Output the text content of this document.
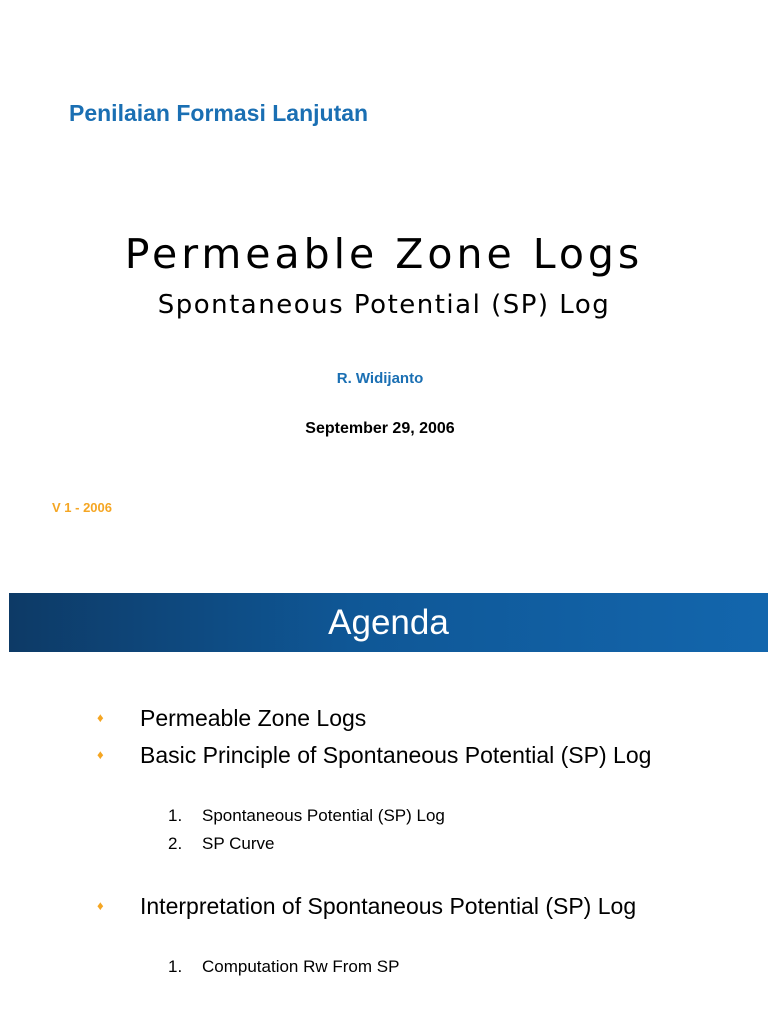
Penilaian Formasi Lanjutan
Permeable Zone Logs
Spontaneous Potential (SP) Log
R. Widijanto
September 29, 2006
V 1 - 2006
Agenda
♦ Permeable Zone Logs
♦ Basic Principle of Spontaneous Potential (SP) Log
1. Spontaneous Potential (SP) Log
2. SP Curve
♦ Interpretation of Spontaneous Potential (SP) Log
1. Computation Rw From SP
